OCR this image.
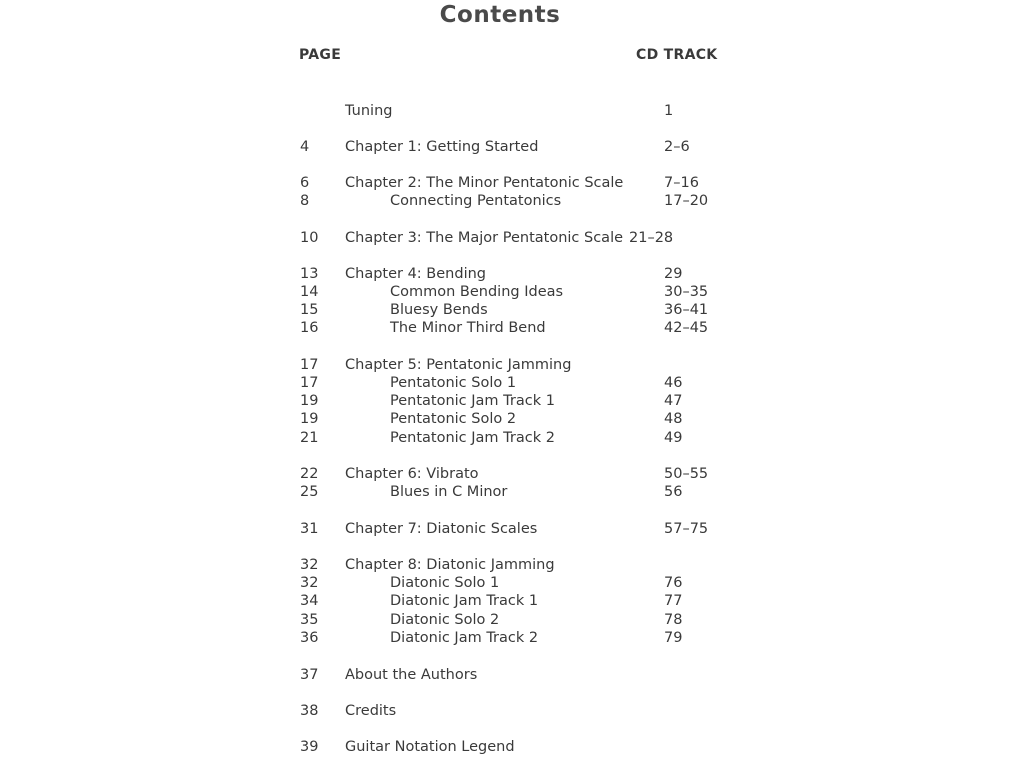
Contents
PAGE	CD TRACK
Tuning	1
4 Chapter 1: Getting Started	2–6
6 Chapter 2: The Minor Pentatonic Scale	7–16
8	Connecting Pentatonics	17–20
10 Chapter 3: The Major Pentatonic Scale 21–28
13 Chapter 4: Bending	29
14	Common Bending Ideas	30–35
15	Bluesy Bends	36–41
16	The Minor Third Bend	42–45
17 Chapter 5: Pentatonic Jamming
17	Pentatonic Solo 1	46
19	Pentatonic Jam Track 1	47
19	Pentatonic Solo 2	48
21	Pentatonic Jam Track 2	49
22 Chapter 6: Vibrato	50–55
25	Blues in C Minor	56
31 Chapter 7: Diatonic Scales	57–75
32 Chapter 8: Diatonic Jamming
32	Diatonic Solo 1	76
34	Diatonic Jam Track 1	77
35	Diatonic Solo 2	78
36	Diatonic Jam Track 2	79
37 About the Authors
38 Credits
39 Guitar Notation Legend
